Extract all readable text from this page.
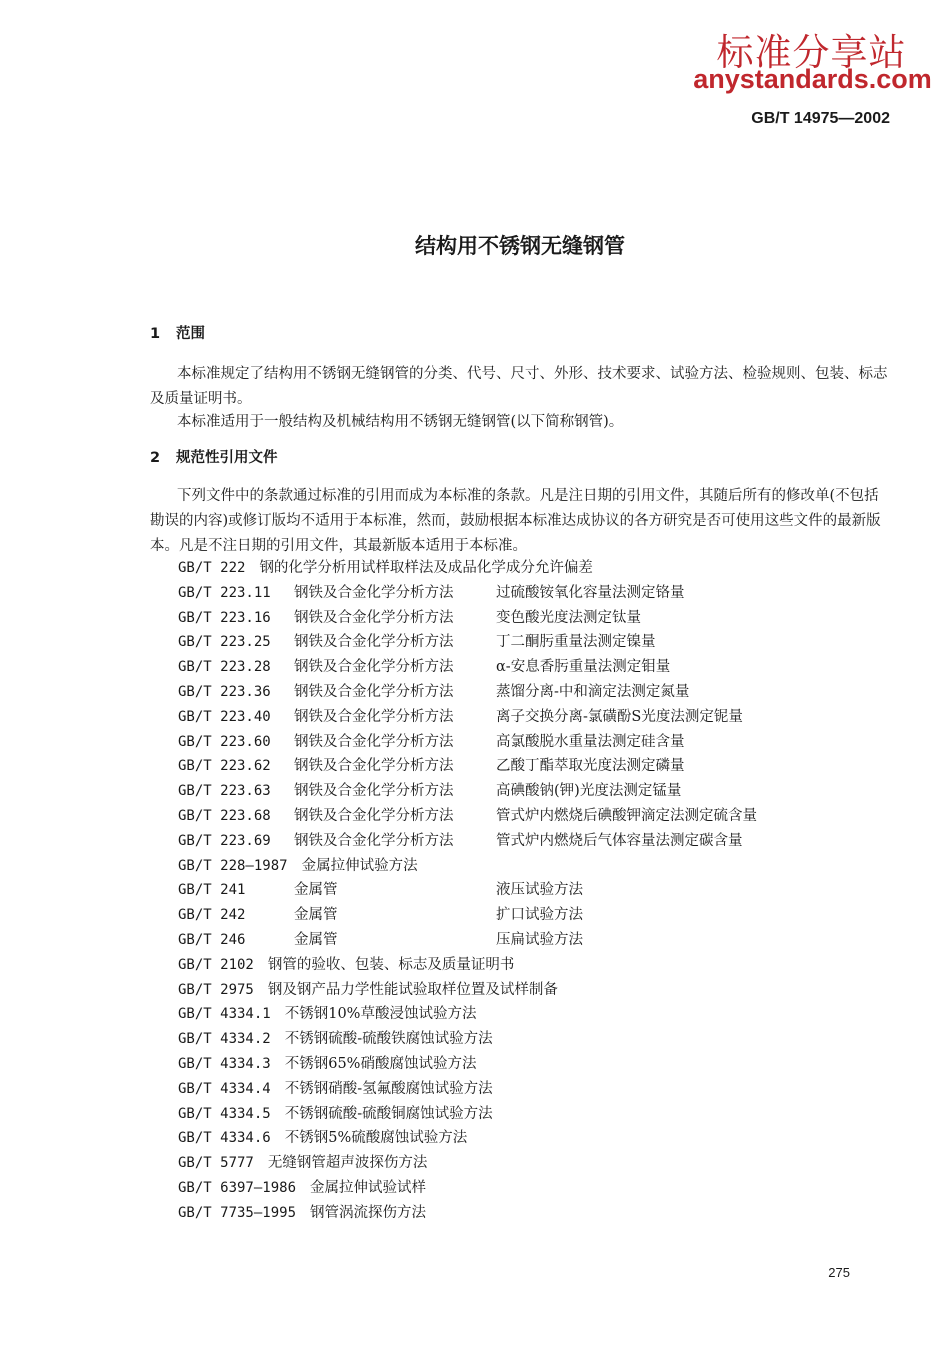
标准分享站
anystandards.com
GB/T 14975—2002
结构用不锈钢无缝钢管
1 范围

本标准规定了结构用不锈钢无缝钢管的分类、代号、尺寸、外形、技术要求、试验方法、检验规则、包装、标志及质量证明书。

本标准适用于一般结构及机械结构用不锈钢无缝钢管(以下简称钢管)。

2 规范性引用文件

下列文件中的条款通过标准的引用而成为本标准的条款。凡是注日期的引用文件，其随后所有的修改单(不包括勘误的内容)或修订版均不适用于本标准，然而，鼓励根据本标准达成协议的各方研究是否可使用这些文件的最新版本。凡是不注日期的引用文件，其最新版本适用于本标准。

GB/T 222 钢的化学分析用试样取样法及成品化学成分允许偏差
GB/T 223.11	钢铁及合金化学分析方法	过硫酸铵氧化容量法测定铬量
GB/T 223.16	钢铁及合金化学分析方法	变色酸光度法测定钛量
GB/T 223.25	钢铁及合金化学分析方法	丁二酮肟重量法测定镍量
GB/T 223.28	钢铁及合金化学分析方法	α-安息香肟重量法测定钼量
GB/T 223.36	钢铁及合金化学分析方法	蒸馏分离-中和滴定法测定氮量
GB/T 223.40	钢铁及合金化学分析方法	离子交换分离-氯磺酚S光度法测定铌量
GB/T 223.60	钢铁及合金化学分析方法	高氯酸脱水重量法测定硅含量
GB/T 223.62	钢铁及合金化学分析方法	乙酸丁酯萃取光度法测定磷量
GB/T 223.63	钢铁及合金化学分析方法	高碘酸钠(钾)光度法测定锰量
GB/T 223.68	钢铁及合金化学分析方法	管式炉内燃烧后碘酸钾滴定法测定硫含量
GB/T 223.69	钢铁及合金化学分析方法	管式炉内燃烧后气体容量法测定碳含量
GB/T 228—1987 金属拉伸试验方法
GB/T 241	金属管	液压试验方法
GB/T 242	金属管	扩口试验方法
GB/T 246	金属管	压扁试验方法
GB/T 2102 钢管的验收、包装、标志及质量证明书
GB/T 2975 钢及钢产品力学性能试验取样位置及试样制备
GB/T 4334.1 不锈钢10%草酸浸蚀试验方法
GB/T 4334.2 不锈钢硫酸-硫酸铁腐蚀试验方法
GB/T 4334.3 不锈钢65%硝酸腐蚀试验方法
GB/T 4334.4 不锈钢硝酸-氢氟酸腐蚀试验方法
GB/T 4334.5 不锈钢硫酸-硫酸铜腐蚀试验方法
GB/T 4334.6 不锈钢5%硫酸腐蚀试验方法
GB/T 5777 无缝钢管超声波探伤方法
GB/T 6397—1986 金属拉伸试验试样
GB/T 7735—1995 钢管涡流探伤方法
275
